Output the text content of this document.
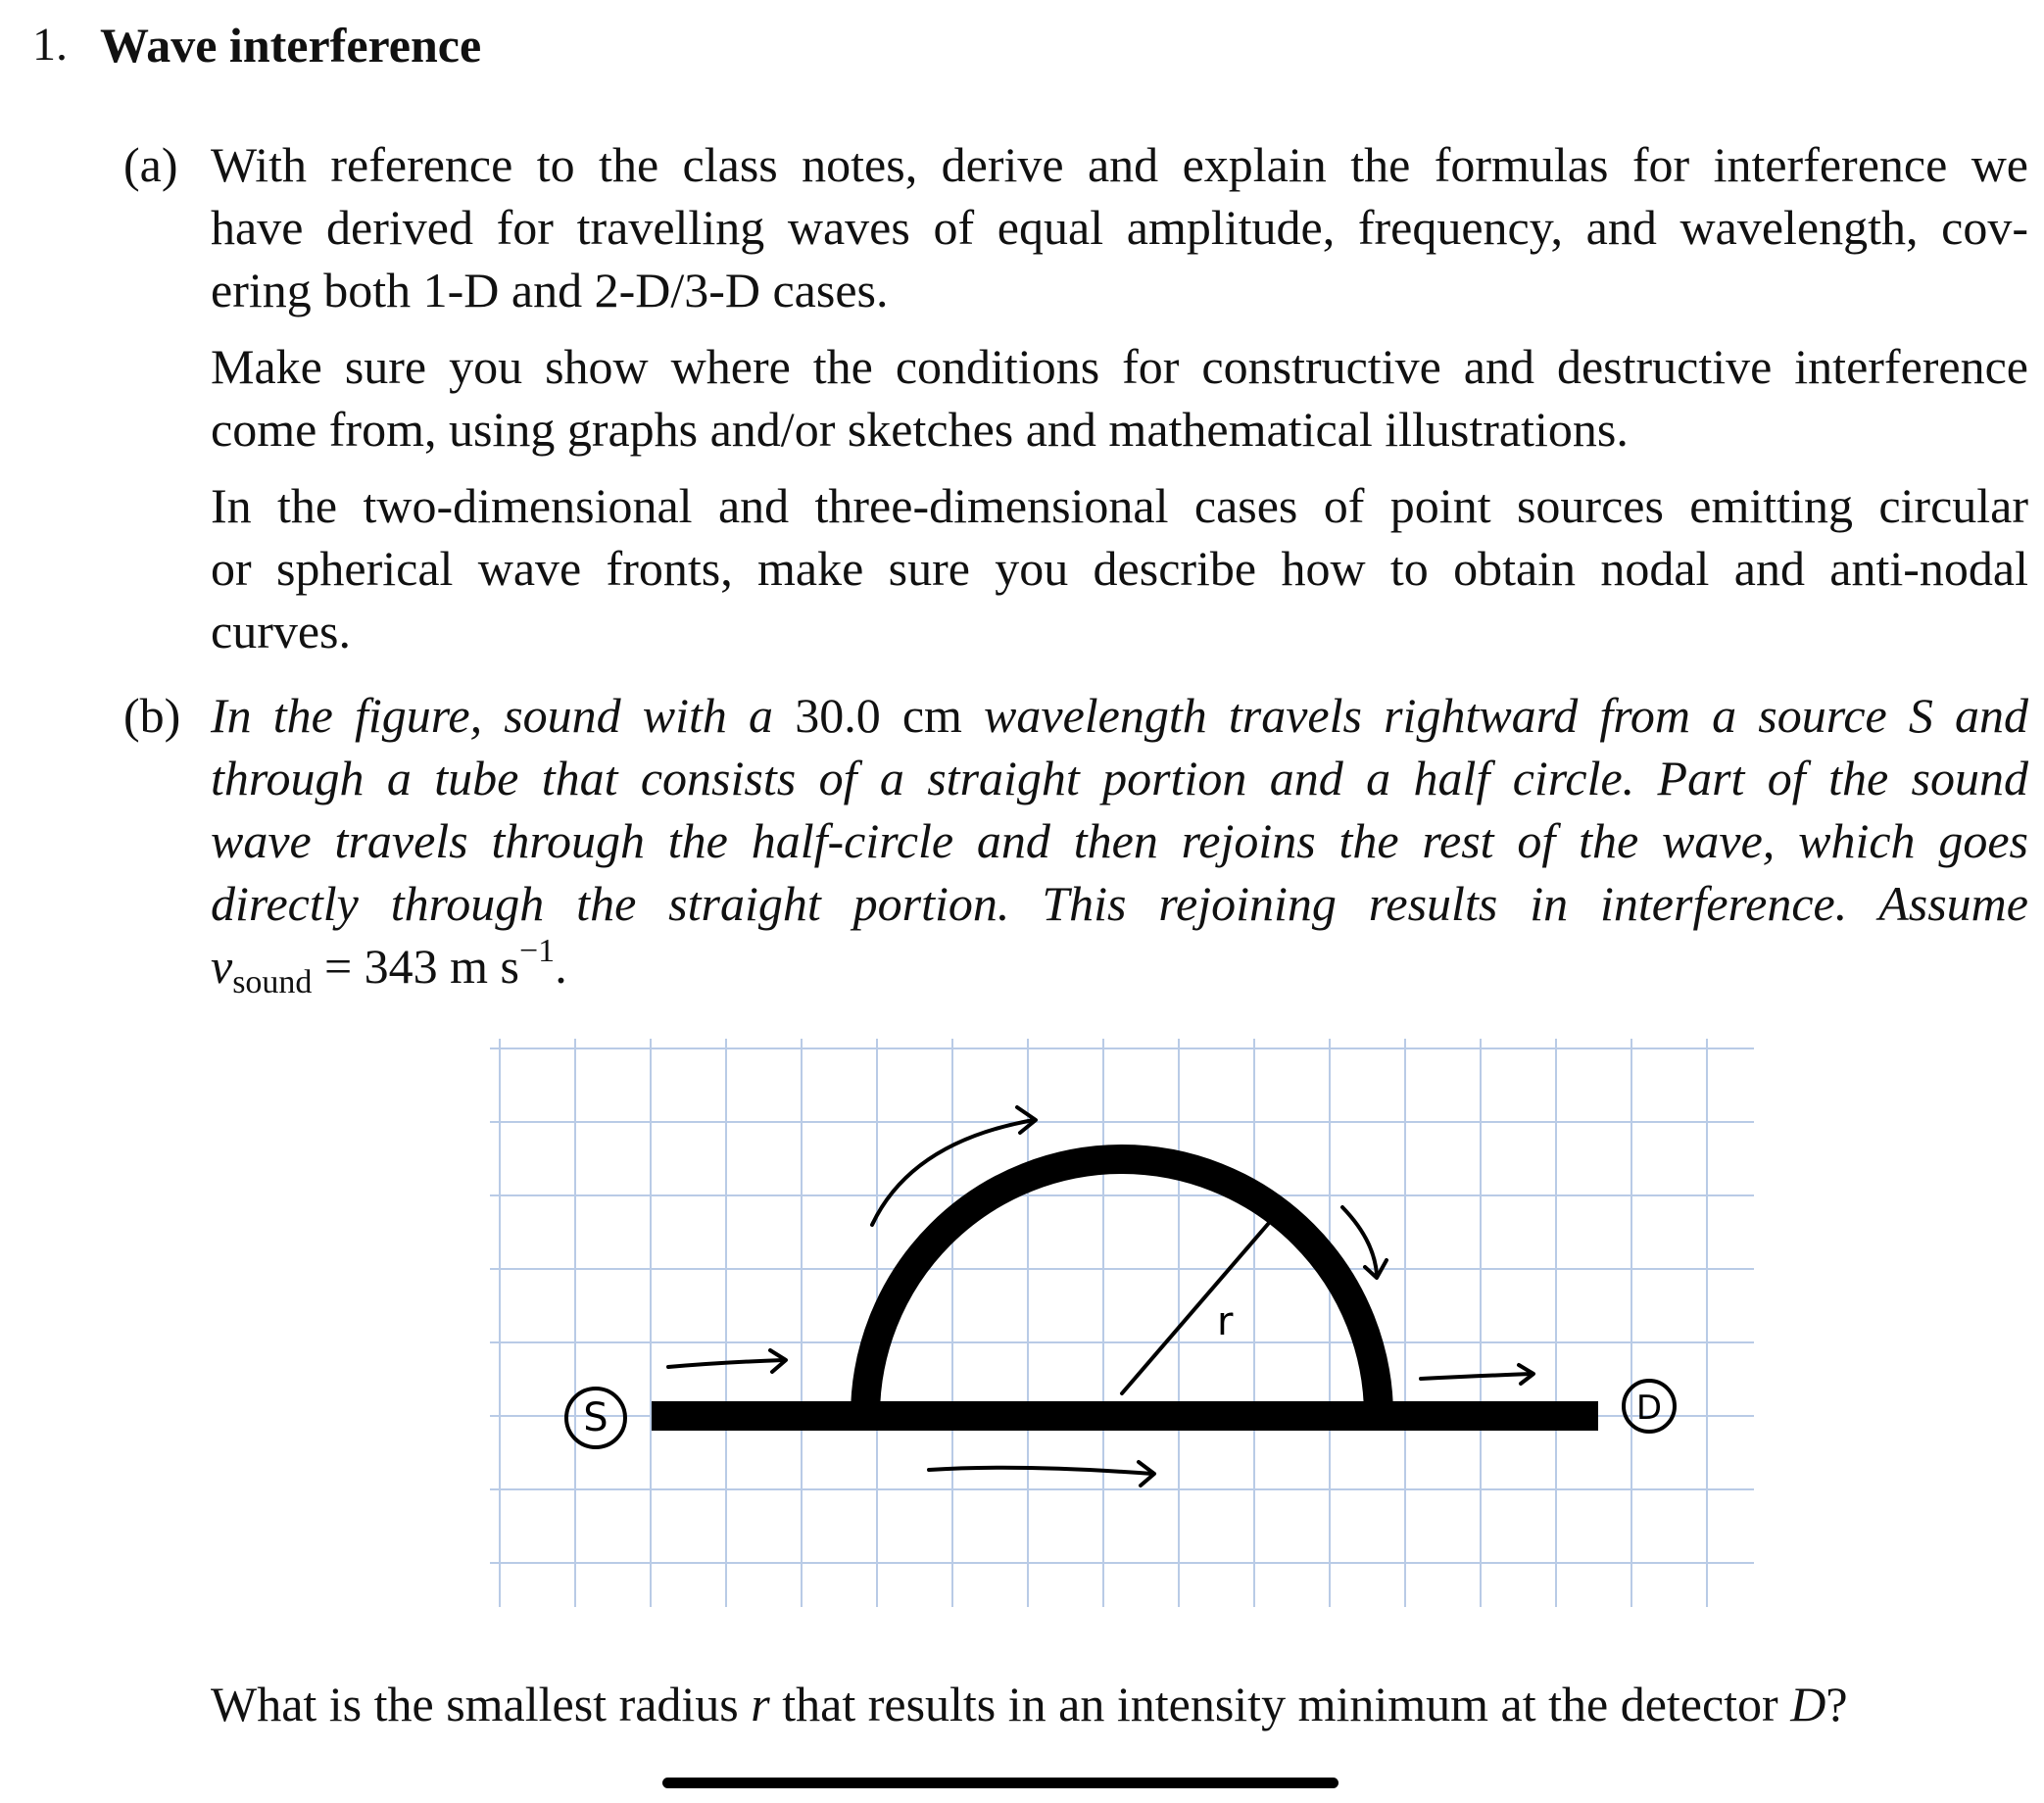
1. Wave interference
(a) With reference to the class notes, derive and explain the formulas for interference we
have derived for travelling waves of equal amplitude, frequency, and wavelength, cov-
ering both 1-D and 2-D/3-D cases.
Make sure you show where the conditions for constructive and destructive interference
come from, using graphs and/or sketches and mathematical illustrations.
In the two-dimensional and three-dimensional cases of point sources emitting circular
or spherical wave fronts, make sure you describe how to obtain nodal and anti-nodal
curves.
(b) In the figure, sound with a 30.0 cm wavelength travels rightward from a source S and
through a tube that consists of a straight portion and a half circle. Part of the sound
wave travels through the half-circle and then rejoins the rest of the wave, which goes
directly through the straight portion. This rejoining results in interference. Assume
$v_{sound} = 343$ m $s^{-1}$.
r
S	D
What is the smallest radius r that results in an intensity minimum at the detector D?
